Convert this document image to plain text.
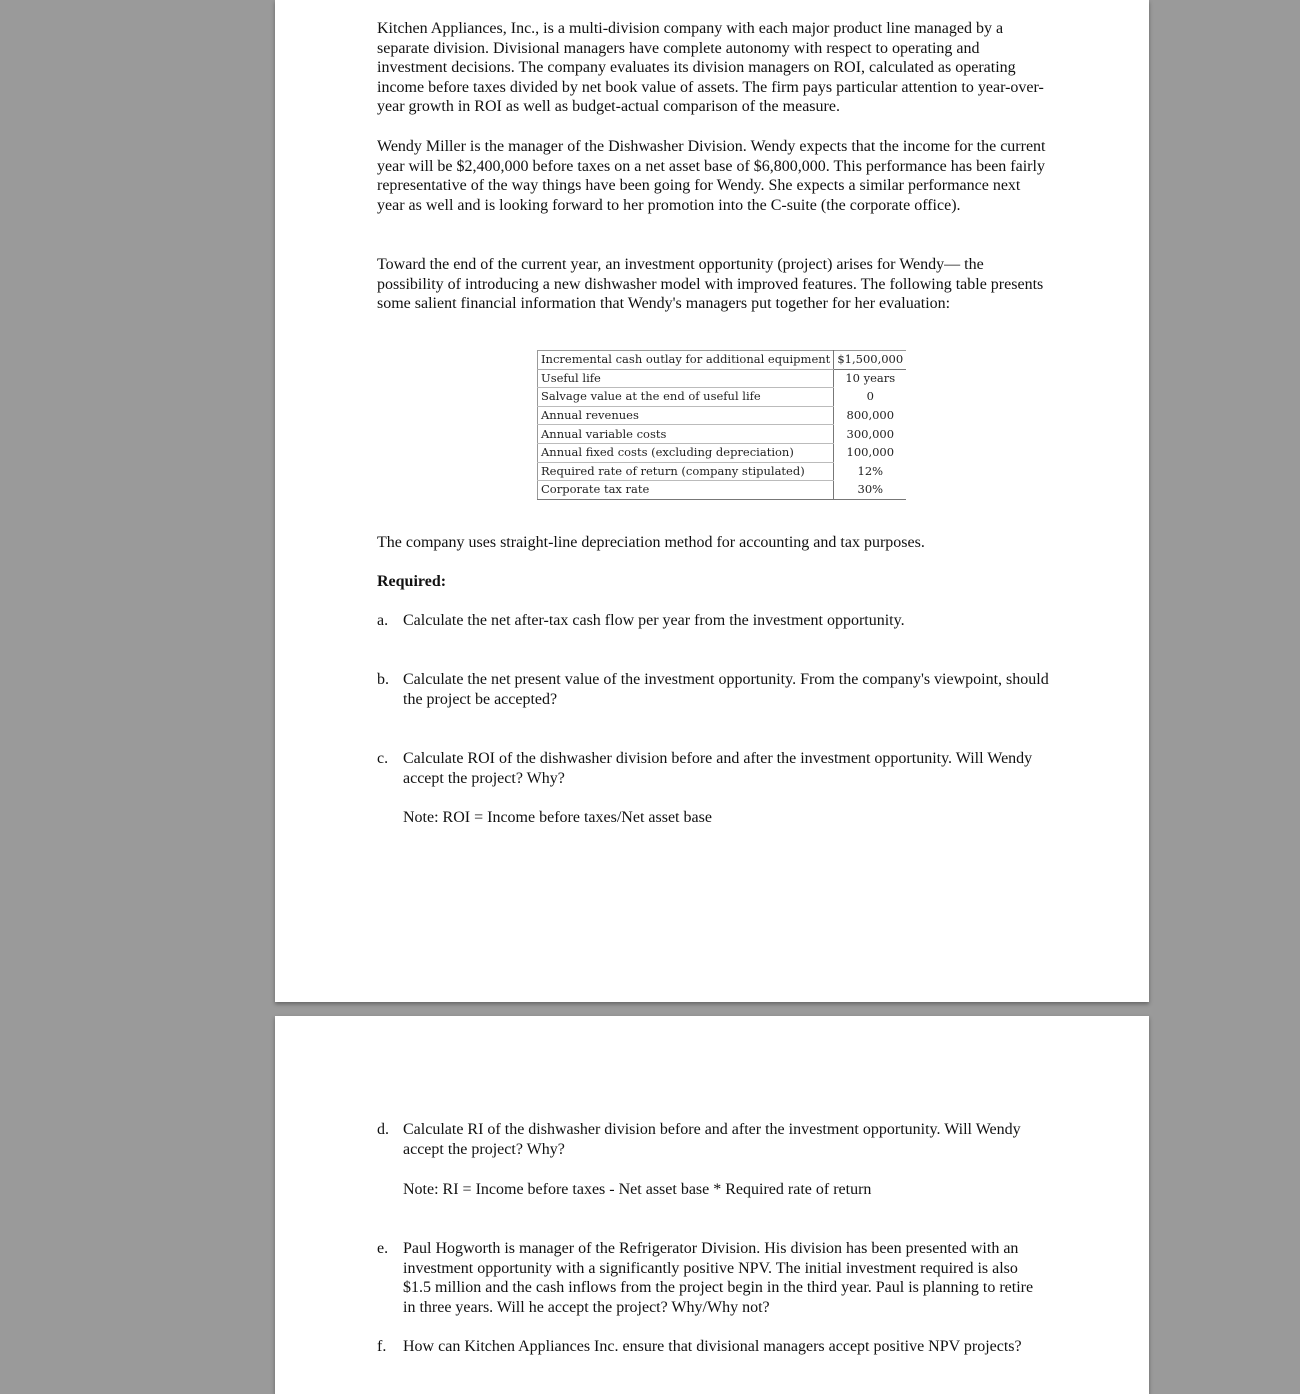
Kitchen Appliances, Inc., is a multi-division company with each major product line managed by a separate division. Divisional managers have complete autonomy with respect to operating and investment decisions. The company evaluates its division managers on ROI, calculated as operating income before taxes divided by net book value of assets. The firm pays particular attention to year-over-year growth in ROI as well as budget-actual comparison of the measure.

Wendy Miller is the manager of the Dishwasher Division. Wendy expects that the income for the current year will be $2,400,000 before taxes on a net asset base of $6,800,000. This performance has been fairly representative of the way things have been going for Wendy. She expects a similar performance next year as well and is looking forward to her promotion into the C-suite (the corporate office).

Toward the end of the current year, an investment opportunity (project) arises for Wendy— the possibility of introducing a new dishwasher model with improved features. The following table presents some salient financial information that Wendy's managers put together for her evaluation:

Incremental cash outlay for additional equipment	$1,500,000
Useful life	10 years
Salvage value at the end of useful life	0
Annual revenues	800,000
Annual variable costs	300,000
Annual fixed costs (excluding depreciation)	100,000
Required rate of return (company stipulated)	12%
Corporate tax rate	30%

The company uses straight-line depreciation method for accounting and tax purposes.

Required:

a. Calculate the net after-tax cash flow per year from the investment opportunity.
b. Calculate the net present value of the investment opportunity. From the company's viewpoint, should the project be accepted?
c. Calculate ROI of the dishwasher division before and after the investment opportunity. Will Wendy accept the project? Why?
Note: ROI = Income before taxes/Net asset base
d. Calculate RI of the dishwasher division before and after the investment opportunity. Will Wendy accept the project? Why?
Note: RI = Income before taxes - Net asset base * Required rate of return
e. Paul Hogworth is manager of the Refrigerator Division. His division has been presented with an investment opportunity with a significantly positive NPV. The initial investment required is also $1.5 million and the cash inflows from the project begin in the third year. Paul is planning to retire in three years. Will he accept the project? Why/Why not?
f. How can Kitchen Appliances Inc. ensure that divisional managers accept positive NPV projects?
